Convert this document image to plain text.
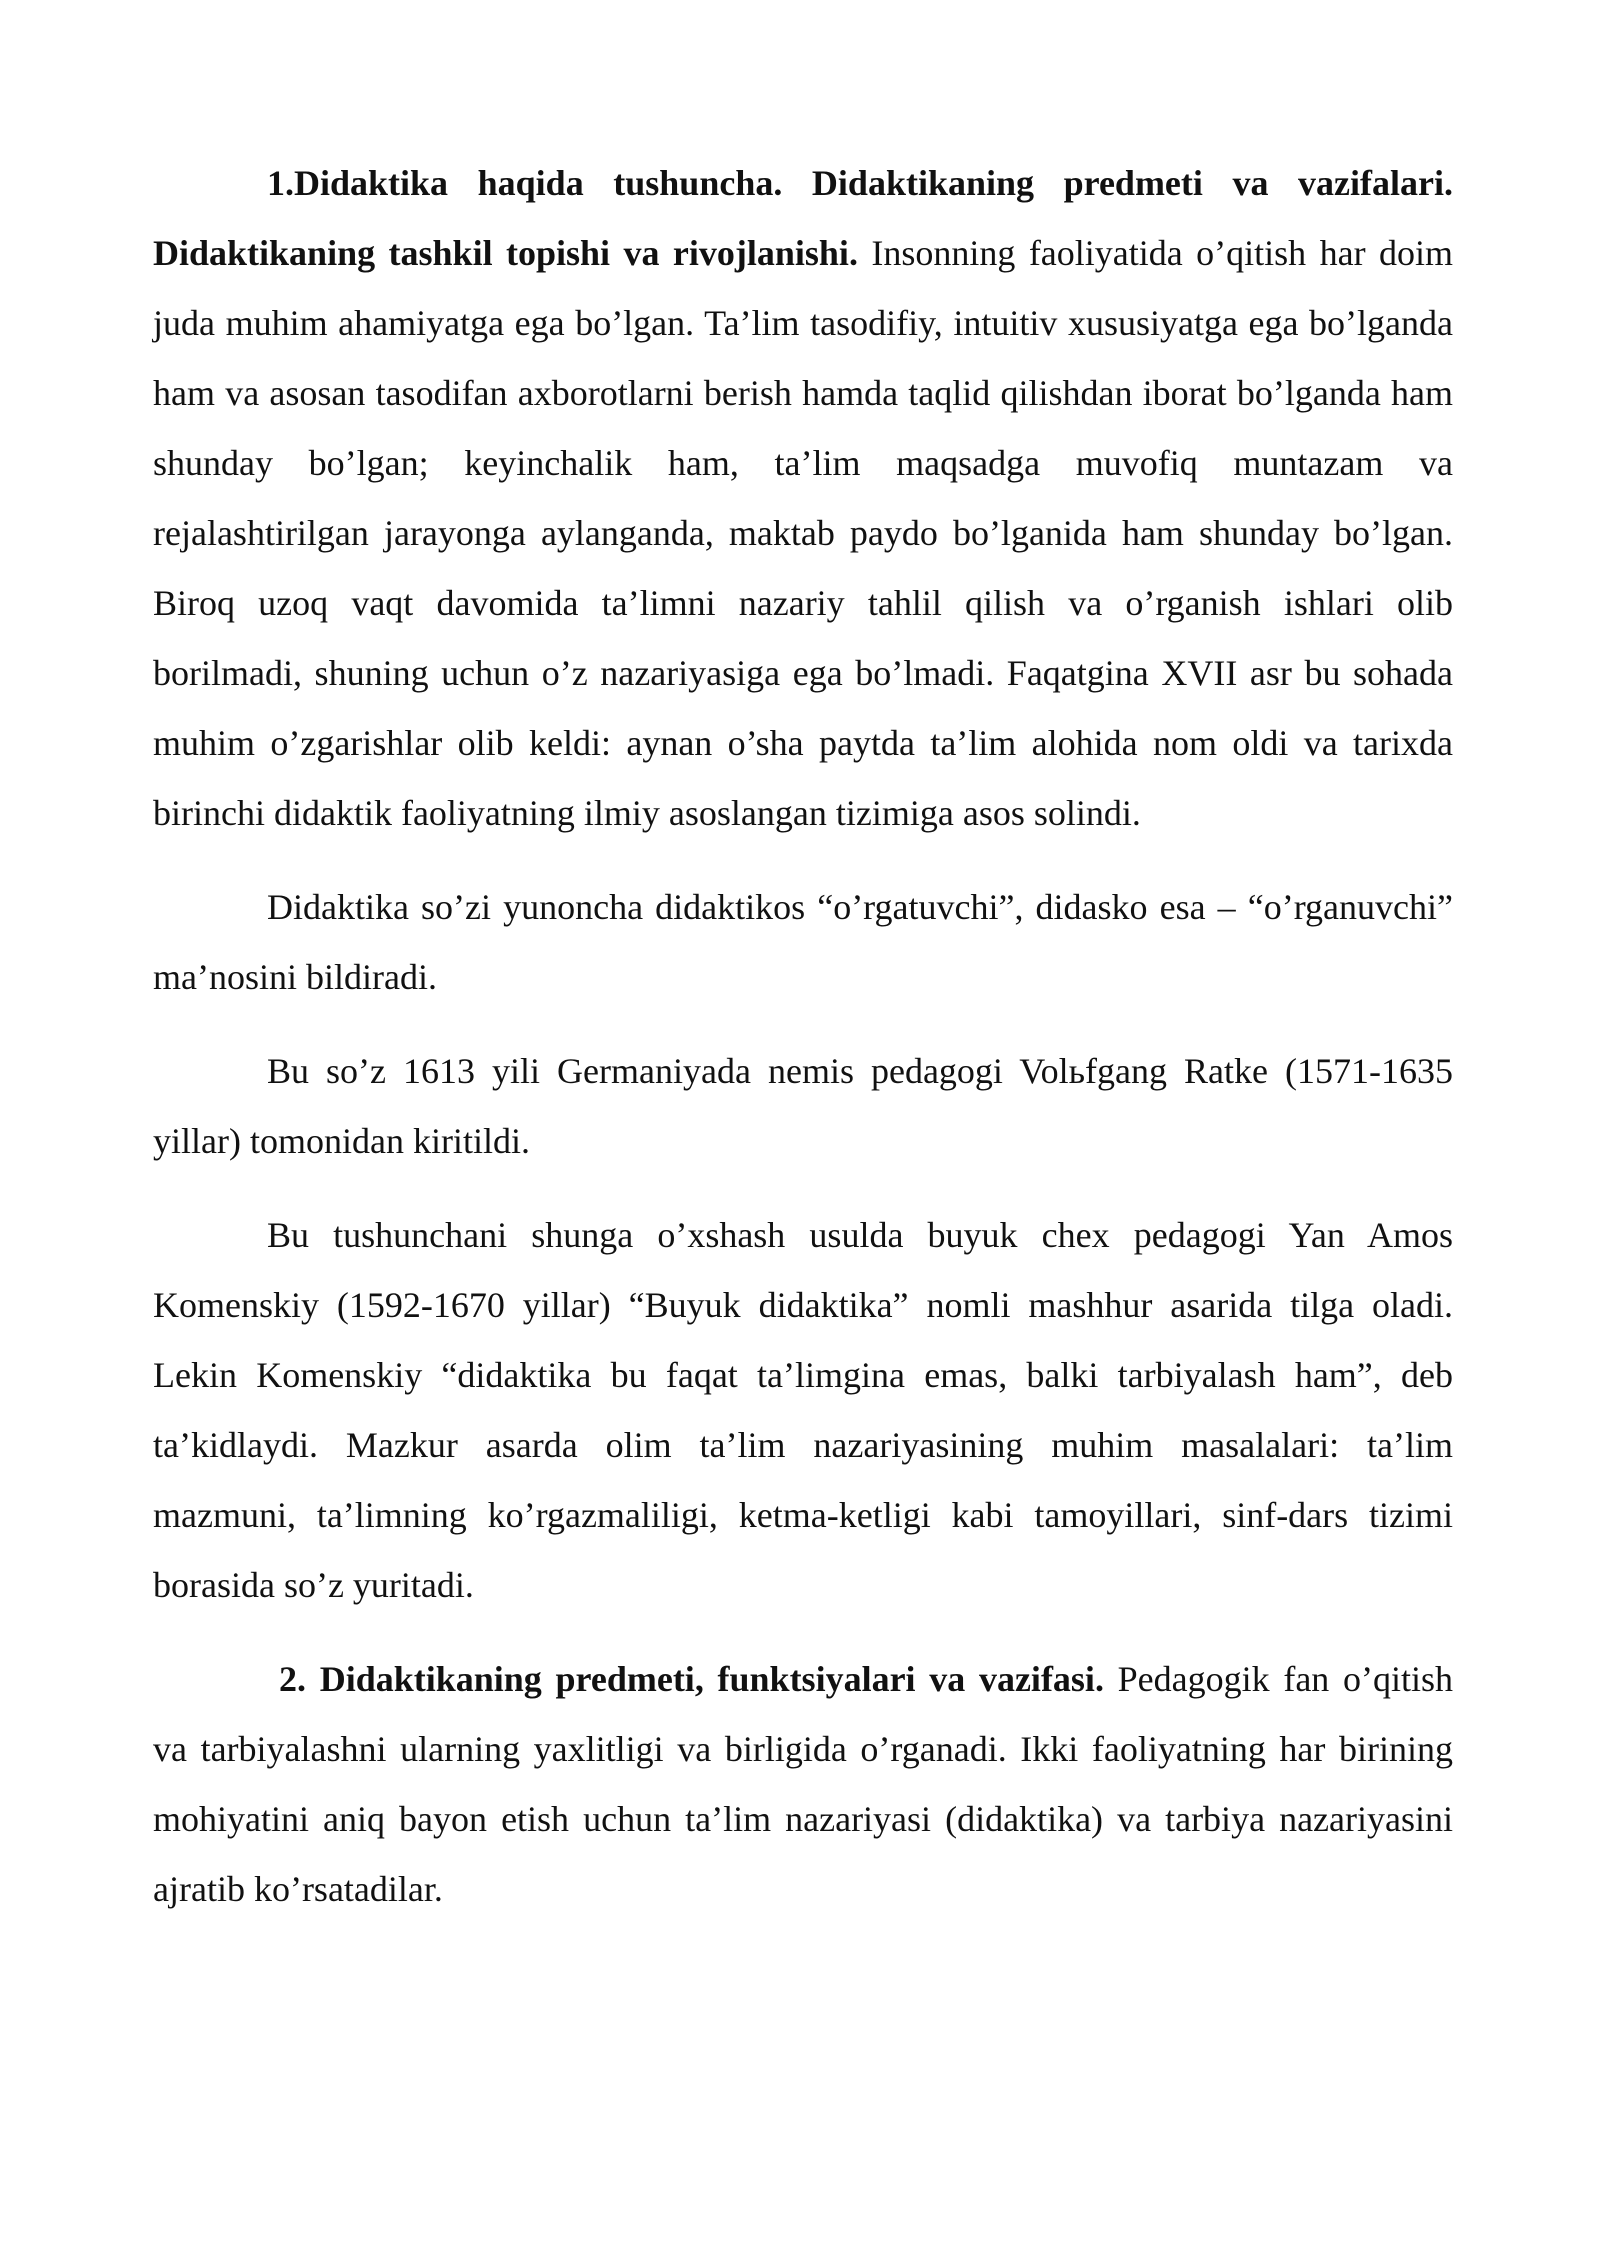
1.Didaktika haqida tushuncha. Didaktikaning predmeti va vazifalari. Didaktikaning tashkil topishi va rivojlanishi. Insonning faoliyatida o’qitish har doim juda muhim ahamiyatga ega bo’lgan. Ta’lim tasodifiy, intuitiv xususiyatga ega bo’lganda ham va asosan tasodifan axborotlarni berish hamda taqlid qilishdan iborat bo’lganda ham shunday bo’lgan; keyinchalik ham, ta’lim maqsadga muvofiq muntazam va rejalashtirilgan jarayonga aylanganda, maktab paydo bo’lganida ham shunday bo’lgan. Biroq uzoq vaqt davomida ta’limni nazariy tahlil qilish va o’rganish ishlari olib borilmadi, shuning uchun o’z nazariyasiga ega bo’lmadi. Faqatgina XVII asr bu sohada muhim o’zgarishlar olib keldi: aynan o’sha paytda ta’lim alohida nom oldi va tarixda birinchi didaktik faoliyatning ilmiy asoslangan tizimiga asos solindi.

Didaktika so’zi yunoncha didaktikos “o’rgatuvchi”, didasko esa – “o’rganuvchi” ma’nosini bildiradi.

Bu so’z 1613 yili Germaniyada nemis pedagogi Volьfgang Ratke (1571-1635 yillar) tomonidan kiritildi.

Bu tushunchani shunga o’xshash usulda buyuk chex pedagogi Yan Amos Komenskiy (1592-1670 yillar) “Buyuk didaktika” nomli mashhur asarida tilga oladi. Lekin Komenskiy “didaktika bu faqat ta’limgina emas, balki tarbiyalash ham”, deb ta’kidlaydi. Mazkur asarda olim ta’lim nazariyasining muhim masalalari: ta’lim mazmuni, ta’limning ko’rgazmaliligi, ketma-ketligi kabi tamoyillari, sinf-dars tizimi borasida so’z yuritadi.

2. Didaktikaning predmeti, funktsiyalari va vazifasi. Pedagogik fan o’qitish va tarbiyalashni ularning yaxlitligi va birligida o’rganadi. Ikki faoliyatning har birining mohiyatini aniq bayon etish uchun ta’lim nazariyasi (didaktika) va tarbiya nazariyasini ajratib ko’rsatadilar.
